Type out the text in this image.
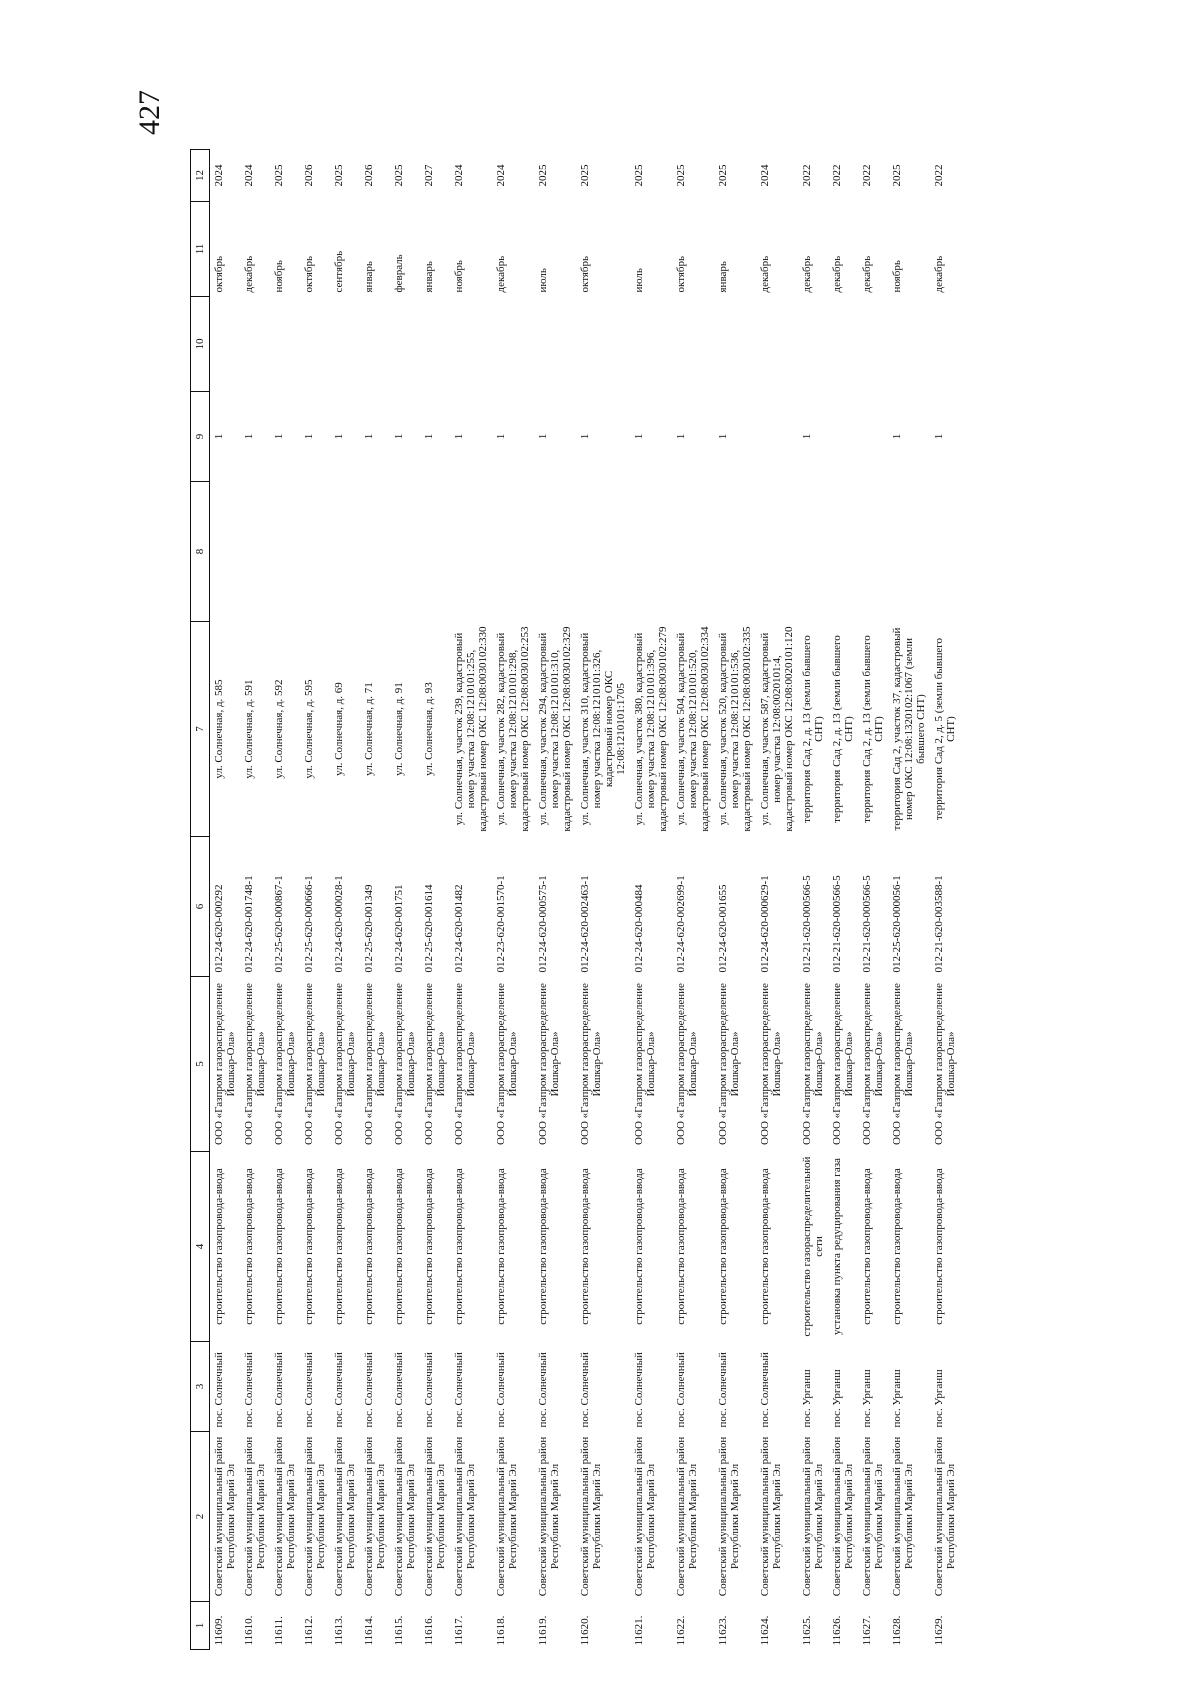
427
1	2	3	4	5	6	7	8	9	10	11	12
11609.	Советский муниципальный район Республики Марий Эл	пос. Солнечный	строительство газопровода-ввода	ООО «Газпром газораспределение Йошкар-Ола»	012-24-620-000292	ул. Солнечная, д. 585		1		октябрь	2024
11610.	Советский муниципальный район Республики Марий Эл	пос. Солнечный	строительство газопровода-ввода	ООО «Газпром газораспределение Йошкар-Ола»	012-24-620-001748-1	ул. Солнечная, д. 591		1		декабрь	2024
11611.	Советский муниципальный район Республики Марий Эл	пос. Солнечный	строительство газопровода-ввода	ООО «Газпром газораспределение Йошкар-Ола»	012-25-620-000867-1	ул. Солнечная, д. 592		1		ноябрь	2025
11612.	Советский муниципальный район Республики Марий Эл	пос. Солнечный	строительство газопровода-ввода	ООО «Газпром газораспределение Йошкар-Ола»	012-25-620-000666-1	ул. Солнечная, д. 595		1		октябрь	2026
11613.	Советский муниципальный район Республики Марий Эл	пос. Солнечный	строительство газопровода-ввода	ООО «Газпром газораспределение Йошкар-Ола»	012-24-620-000028-1	ул. Солнечная, д. 69		1		сентябрь	2025
11614.	Советский муниципальный район Республики Марий Эл	пос. Солнечный	строительство газопровода-ввода	ООО «Газпром газораспределение Йошкар-Ола»	012-25-620-001349	ул. Солнечная, д. 71		1		январь	2026
11615.	Советский муниципальный район Республики Марий Эл	пос. Солнечный	строительство газопровода-ввода	ООО «Газпром газораспределение Йошкар-Ола»	012-24-620-001751	ул. Солнечная, д. 91		1		февраль	2025
11616.	Советский муниципальный район Республики Марий Эл	пос. Солнечный	строительство газопровода-ввода	ООО «Газпром газораспределение Йошкар-Ола»	012-25-620-001614	ул. Солнечная, д. 93		1		январь	2027
11617.	Советский муниципальный район Республики Марий Эл	пос. Солнечный	строительство газопровода-ввода	ООО «Газпром газораспределение Йошкар-Ола»	012-24-620-001482	ул. Солнечная, участок 239, кадастровый номер участка 12:08:1210101:255, кадастровый номер ОКС 12:08:0030102:330		1		ноябрь	2024
11618.	Советский муниципальный район Республики Марий Эл	пос. Солнечный	строительство газопровода-ввода	ООО «Газпром газораспределение Йошкар-Ола»	012-23-620-001570-1	ул. Солнечная, участок 282, кадастровый номер участка 12:08:1210101:298, кадастровый номер ОКС 12:08:0030102:253		1		декабрь	2024
11619.	Советский муниципальный район Республики Марий Эл	пос. Солнечный	строительство газопровода-ввода	ООО «Газпром газораспределение Йошкар-Ола»	012-24-620-000575-1	ул. Солнечная, участок 294, кадастровый номер участка 12:08:1210101:310, кадастровый номер ОКС 12:08:0030102:329		1		июль	2025
11620.	Советский муниципальный район Республики Марий Эл	пос. Солнечный	строительство газопровода-ввода	ООО «Газпром газораспределение Йошкар-Ола»	012-24-620-002463-1	ул. Солнечная, участок 310, кадастровый номер участка 12:08:1210101:326, кадастровый номер ОКС 12:08:1210101:1705		1		октябрь	2025
11621.	Советский муниципальный район Республики Марий Эл	пос. Солнечный	строительство газопровода-ввода	ООО «Газпром газораспределение Йошкар-Ола»	012-24-620-000484	ул. Солнечная, участок 380, кадастровый номер участка 12:08:1210101:396, кадастровый номер ОКС 12:08:0030102:279		1		июль	2025
11622.	Советский муниципальный район Республики Марий Эл	пос. Солнечный	строительство газопровода-ввода	ООО «Газпром газораспределение Йошкар-Ола»	012-24-620-002699-1	ул. Солнечная, участок 504, кадастровый номер участка 12:08:1210101:520, кадастровый номер ОКС 12:08:0030102:334		1		октябрь	2025
11623.	Советский муниципальный район Республики Марий Эл	пос. Солнечный	строительство газопровода-ввода	ООО «Газпром газораспределение Йошкар-Ола»	012-24-620-001655	ул. Солнечная, участок 520, кадастровый номер участка 12:08:1210101:536, кадастровый номер ОКС 12:08:0030102:335		1		январь	2025
11624.	Советский муниципальный район Республики Марий Эл	пос. Солнечный	строительство газопровода-ввода	ООО «Газпром газораспределение Йошкар-Ола»	012-24-620-000629-1	ул. Солнечная, участок 587, кадастровый номер участка 12:08:0020101:4, кадастровый номер ОКС 12:08:0020101:120				декабрь	2024
11625.	Советский муниципальный район Республики Марий Эл	пос. Урганш	строительство газораспределительной сети	ООО «Газпром газораспределение Йошкар-Ола»	012-21-620-000566-5	территория Сад 2, д. 13 (земли бывшего СНТ)		1		декабрь	2022
11626.	Советский муниципальный район Республики Марий Эл	пос. Урганш	установка пункта редуцирования газа	ООО «Газпром газораспределение Йошкар-Ола»	012-21-620-000566-5	территория Сад 2, д. 13 (земли бывшего СНТ)				декабрь	2022
11627.	Советский муниципальный район Республики Марий Эл	пос. Урганш	строительство газопровода-ввода	ООО «Газпром газораспределение Йошкар-Ола»	012-21-620-000566-5	территория Сад 2, д. 13 (земли бывшего СНТ)				декабрь	2022
11628.	Советский муниципальный район Республики Марий Эл	пос. Урганш	строительство газопровода-ввода	ООО «Газпром газораспределение Йошкар-Ола»	012-25-620-000056-1	территория Сад 2, участок 37, кадастровый номер ОКС 12:08:1320102:1067 (земли бывшего СНТ)		1		ноябрь	2025
11629.	Советский муниципальный район Республики Марий Эл	пос. Урганш	строительство газопровода-ввода	ООО «Газпром газораспределение Йошкар-Ола»	012-21-620-003588-1	территория Сад 2, д. 5 (земли бывшего СНТ)		1		декабрь	2022
